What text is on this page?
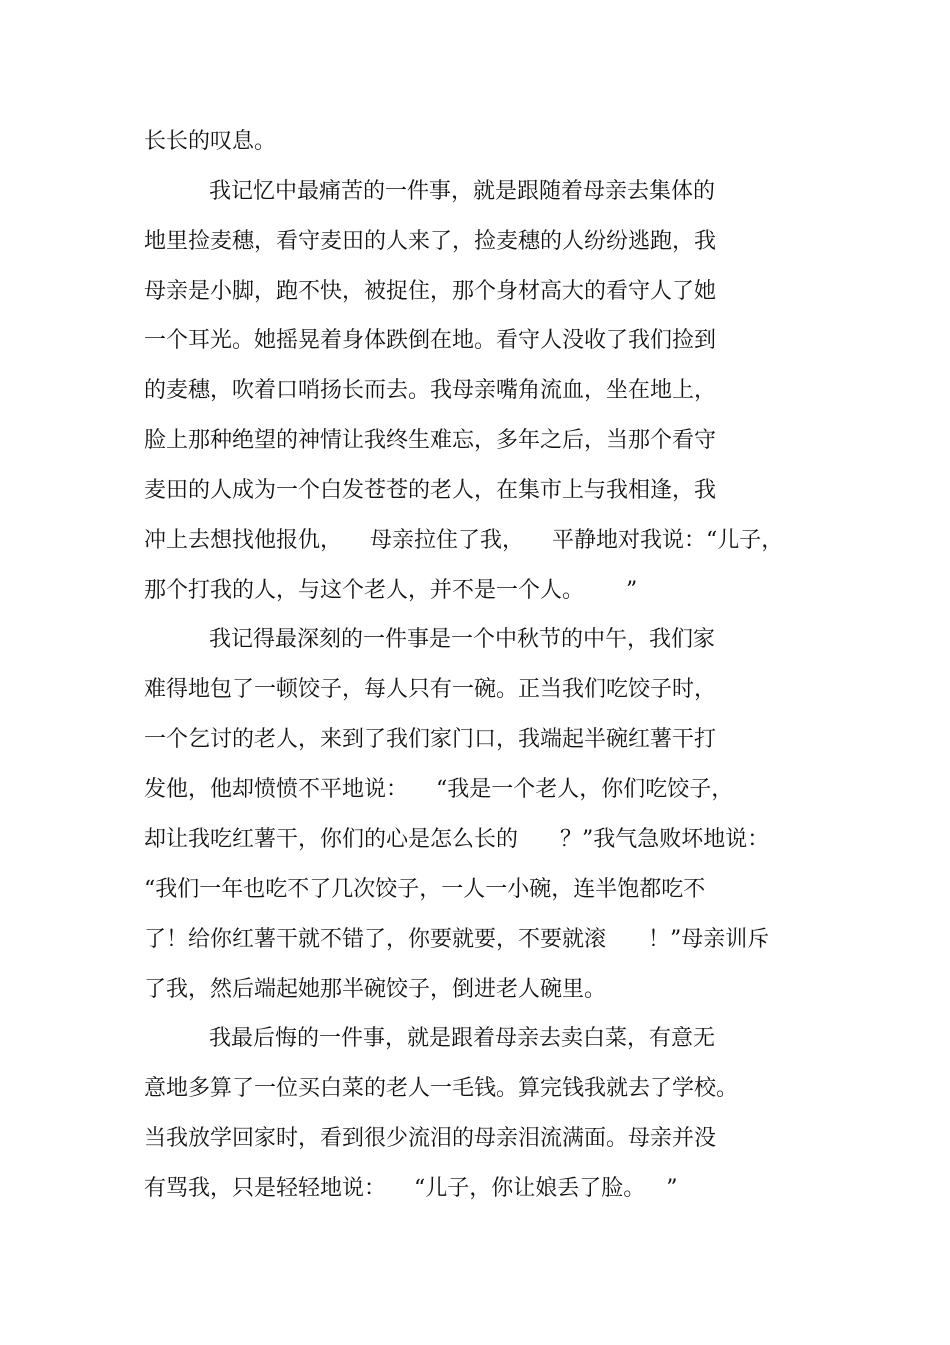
长长的叹息。
我记忆中最痛苦的一件事，就是跟随着母亲去集体的
地里捡麦穗，看守麦田的人来了，捡麦穗的人纷纷逃跑，我
母亲是小脚，跑不快，被捉住，那个身材高大的看守人了她
一个耳光。她摇晃着身体跌倒在地。看守人没收了我们捡到
的麦穗，吹着口哨扬长而去。我母亲嘴角流血，坐在地上，
脸上那种绝望的神情让我终生难忘，多年之后，当那个看守
麦田的人成为一个白发苍苍的老人，在集市上与我相逢，我
冲上去想找他报仇，    母亲拉住了我，    平静地对我说：“儿子，
那个打我的人，与这个老人，并不是一个人。      ”
我记得最深刻的一件事是一个中秋节的中午，我们家
难得地包了一顿饺子，每人只有一碗。正当我们吃饺子时，
一个乞讨的老人，来到了我们家门口，我端起半碗红薯干打
发他，他却愤愤不平地说：    “我是一个老人，你们吃饺子，
却让我吃红薯干，你们的心是怎么长的      ？”我气急败坏地说：
“我们一年也吃不了几次饺子，一人一小碗，连半饱都吃不
了！给你红薯干就不错了，你要就要，不要就滚      ！”母亲训斥
了我，然后端起她那半碗饺子，倒进老人碗里。
我最后悔的一件事，就是跟着母亲去卖白菜，有意无
意地多算了一位买白菜的老人一毛钱。算完钱我就去了学校。
当我放学回家时，看到很少流泪的母亲泪流满面。母亲并没
有骂我，只是轻轻地说：    “儿子，你让娘丢了脸。   ”
